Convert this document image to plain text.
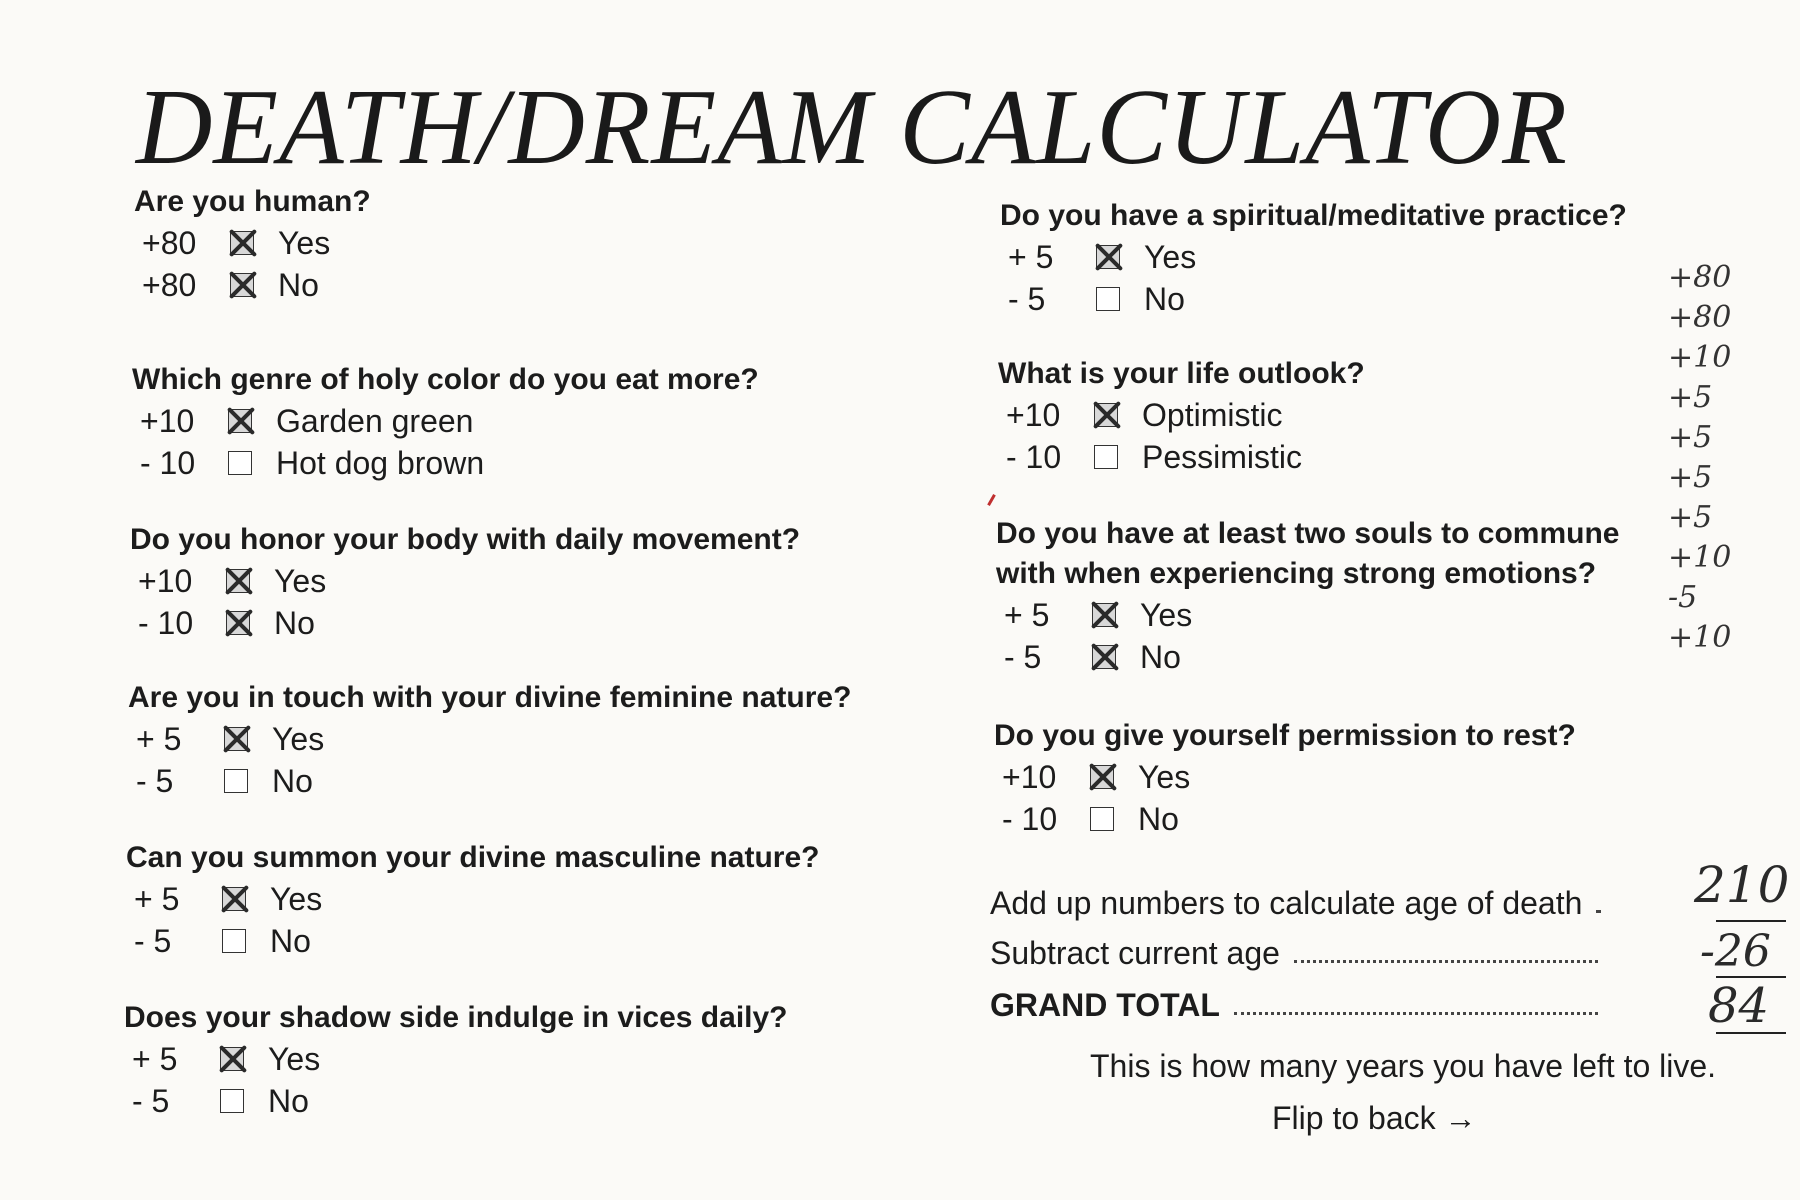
DEATH/DREAM CALCULATOR
Are you human?
+80	Yes
+80	No
Which genre of holy color do you eat more?
+10	Garden green
- 10	Hot dog brown
Do you honor your body with daily movement?
+10	Yes
- 10	No
Are you in touch with your divine feminine nature?
+ 5	Yes
- 5	No
Can you summon your divine masculine nature?
+ 5	Yes
- 5	No
Does your shadow side indulge in vices daily?
+ 5	Yes
- 5	No
Do you have a spiritual/meditative practice?
+ 5	Yes
- 5	No
What is your life outlook?
+10	Optimistic
- 10	Pessimistic
Do you have at least two souls to commune
with when experiencing strong emotions?
+ 5	Yes
- 5	No
Do you give yourself permission to rest?
+10	Yes
- 10	No
Add up numbers to calculate age of death 210
Subtract current age	-26
GRAND TOTAL	84
This is how many years you have left to live.
Flip to back →
+80
+80
+10
+5
+5
+5
+5
+10
-5
+10
